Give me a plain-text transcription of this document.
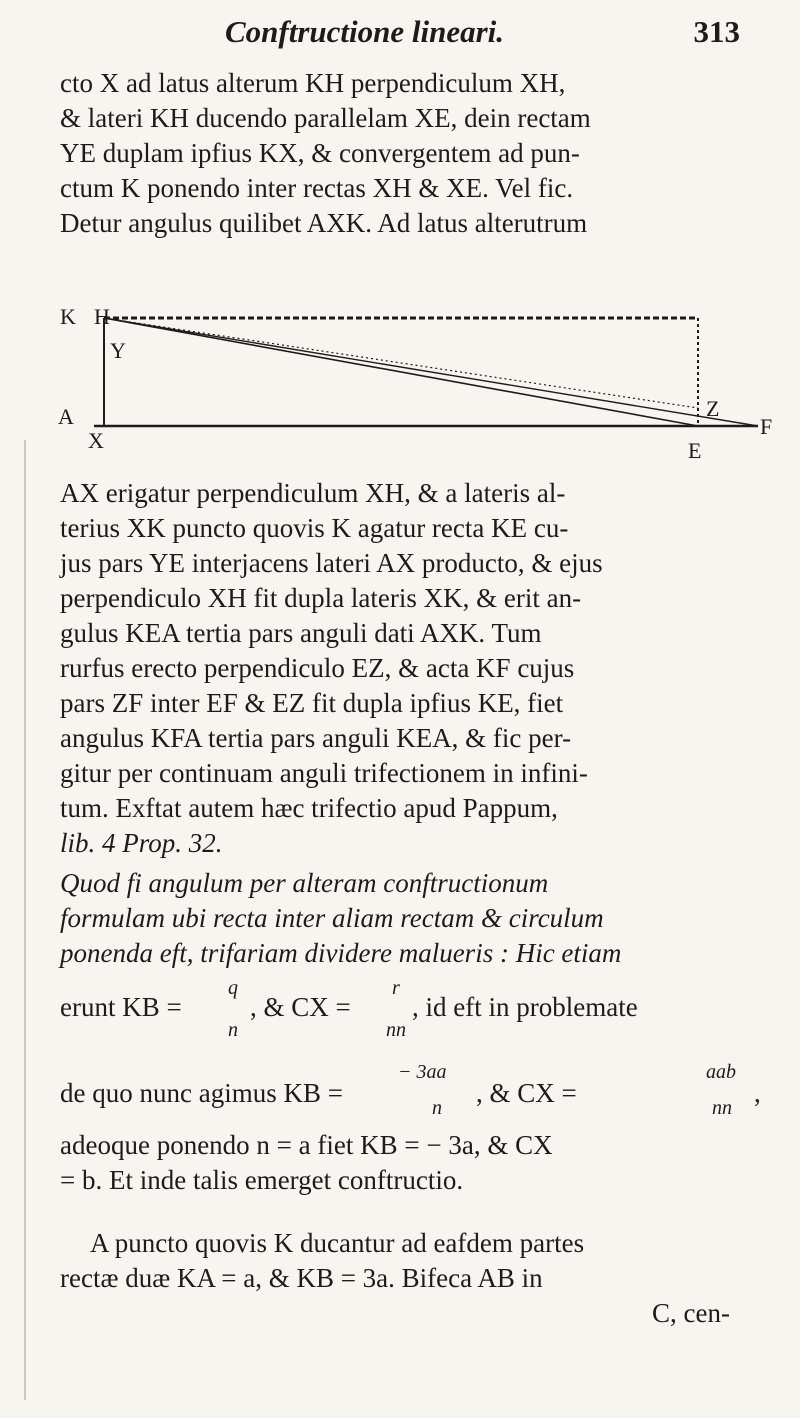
Conftructione lineari.	313
cto X ad latus alterum KH perpendiculum XH,
& lateri KH ducendo parallelam XE, dein rectam
YE duplam ipfius KX, & convergentem ad pun-
ctum K ponendo inter rectas XH & XE. Vel fic.
Detur angulus quilibet AXK. Ad latus alterutrum
K H
Y
Z
A
X	E
F
AX erigatur perpendiculum XH, & a lateris al-
terius XK puncto quovis K agatur recta KE cu-
jus pars YE interjacens lateri AX producto, & ejus
perpendiculo XH fit dupla lateris XK, & erit an-
gulus KEA tertia pars anguli dati AXK. Tum
rurfus erecto perpendiculo EZ, & acta KF cujus
pars ZF inter EF & EZ fit dupla ipfius KE, fiet
angulus KFA tertia pars anguli KEA, & fic per-
gitur per continuam anguli trifectionem in infini-
tum. Exftat autem hæc trifectio apud Pappum,
lib. 4 Prop. 32.
Quod fi angulum per alteram conftructionum
formulam ubi recta inter aliam rectam & circulum
ponenda eft, trifariam dividere malueris : Hic etiam
erunt KB =
q
n
, & CX =
r
nn
, id eft in problemate
de quo nunc agimus KB =
− 3aa
n , & CX =
aab
nn ,
adeoque ponendo n = a fiet KB = − 3a, & CX
= b. Et inde talis emerget conftructio.
A puncto quovis K ducantur ad eafdem partes
rectæ duæ KA = a, & KB = 3a. Bifeca AB in
C, cen-
